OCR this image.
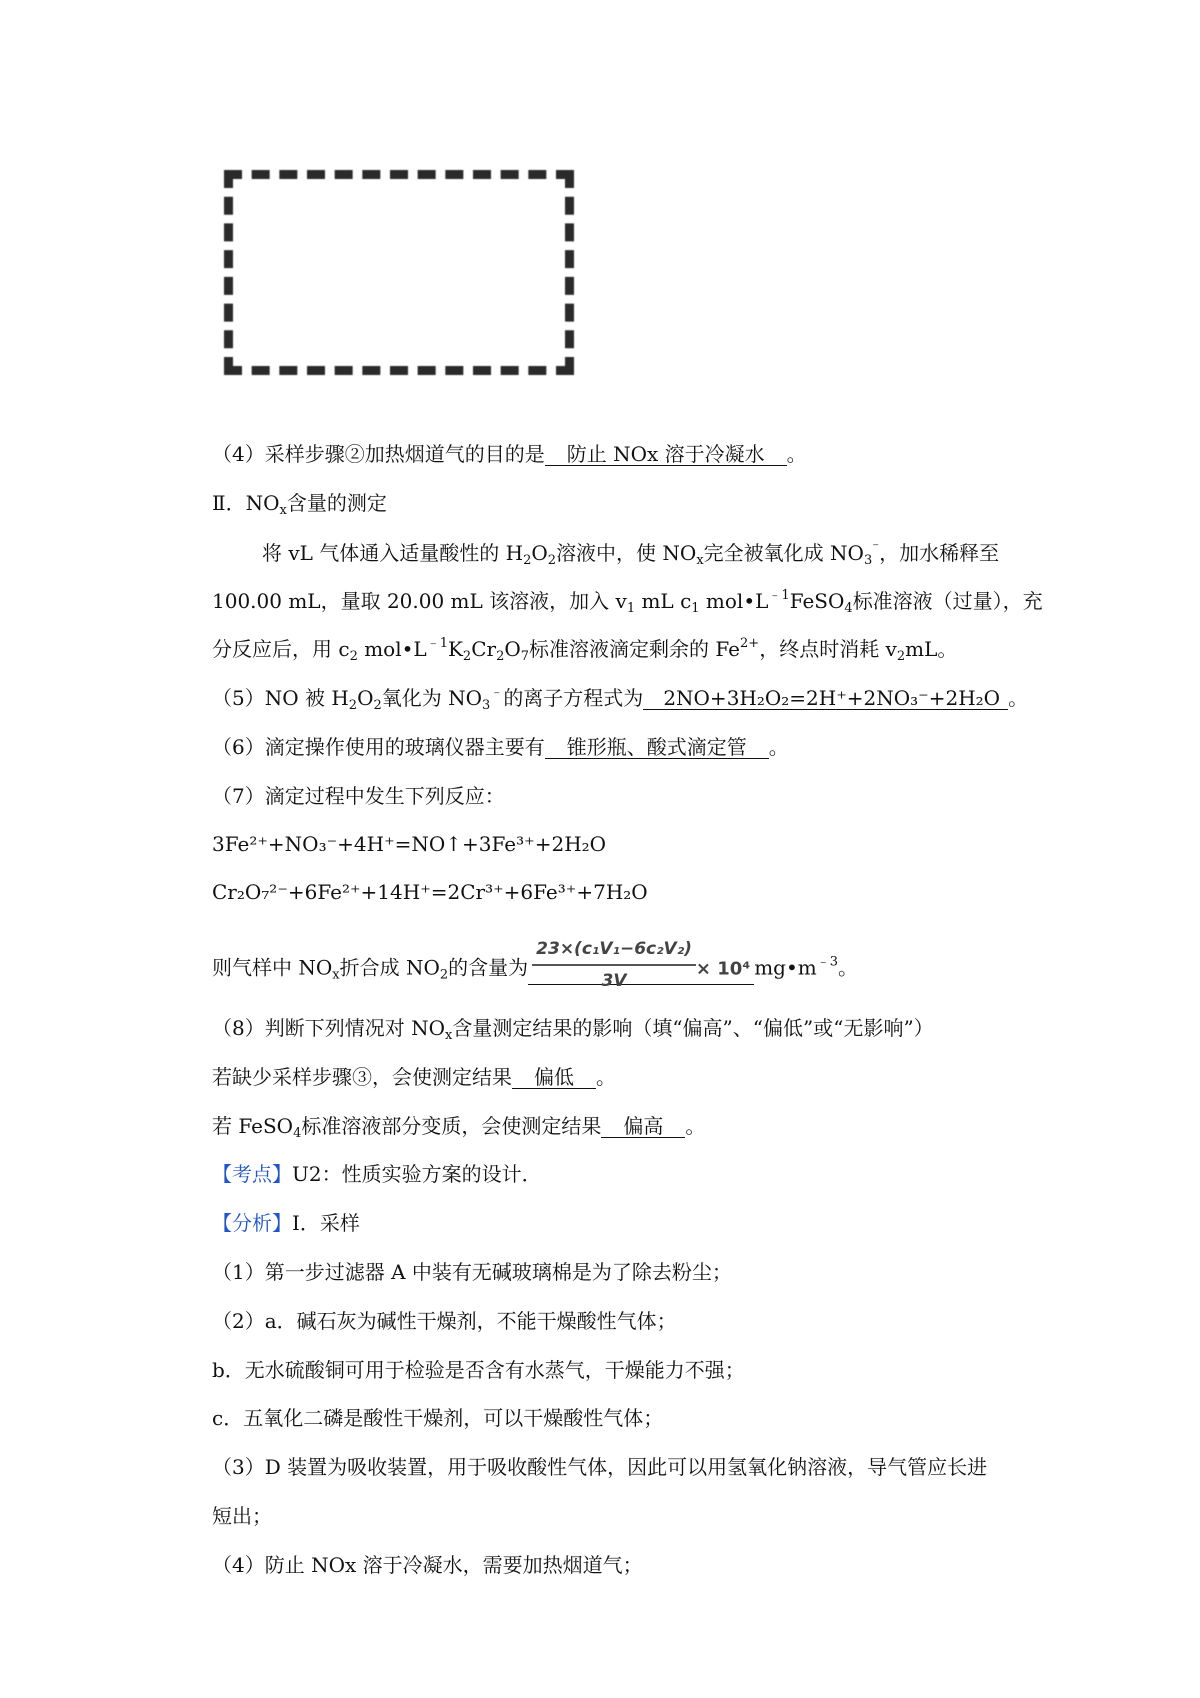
（4）采样步骤②加热烟道气的目的是 防止 NOx 溶于冷凝水 。
Ⅱ．$NO_x$含量的测定
将 vL 气体通入适量酸性的 $H_2O_2$溶液中，使 $NO_x$完全被氧化成 $NO_3^{^-}$，加水稀释至
100.00 mL，量取 20.00 mL 该溶液，加入 $v_1$ mL $c_1$ $mol•L^{﹣1}FeSO_4$标准溶液（过量），充
分反应后，用 $c_2$ $mol•L^{﹣1}K_2Cr_2O_7$标准溶液滴定剩余的 $Fe^{2+}$，终点时消耗 $v_2mL$。
（5）NO 被 $H_2O_2$氧化为 $NO_3^﹣$的离子方程式为 2NO+3H₂O₂=2H⁺+2NO₃⁻+2H₂O 。
（6）滴定操作使用的玻璃仪器主要有 锥形瓶、酸式滴定管 。
（7）滴定过程中发生下列反应：
3Fe²⁺+NO₃⁻+4H⁺=NO↑+3Fe³⁺+2H₂O
Cr₂O₇²⁻+6Fe²⁺+14H⁺=2Cr³⁺+6Fe³⁺+7H₂O
则气样中 $NO_x$折合成 $NO_2$的含量为 $\frac{\text{23×(c₁V₁−6c₂V₂)}}{3V} \times 10^4$ $mg•m^{﹣3}$。
（8）判断下列情况对 $NO_x$含量测定结果的影响（填“偏高”、“偏低”或“无影响”）
若缺少采样步骤③，会使测定结果 偏低 。
若 FeSO$_4$标准溶液部分变质，会使测定结果 偏高 。
【考点】U2：性质实验方案的设计．
【分析】Ⅰ．采样
（1）第一步过滤器 A 中装有无碱玻璃棉是为了除去粉尘；
（2）a．碱石灰为碱性干燥剂，不能干燥酸性气体；
b．无水硫酸铜可用于检验是否含有水蒸气，干燥能力不强；
c．五氧化二磷是酸性干燥剂，可以干燥酸性气体；
（3）D 装置为吸收装置，用于吸收酸性气体，因此可以用氢氧化钠溶液，导气管应长进
短出；
（4）防止 NOx 溶于冷凝水，需要加热烟道气；
